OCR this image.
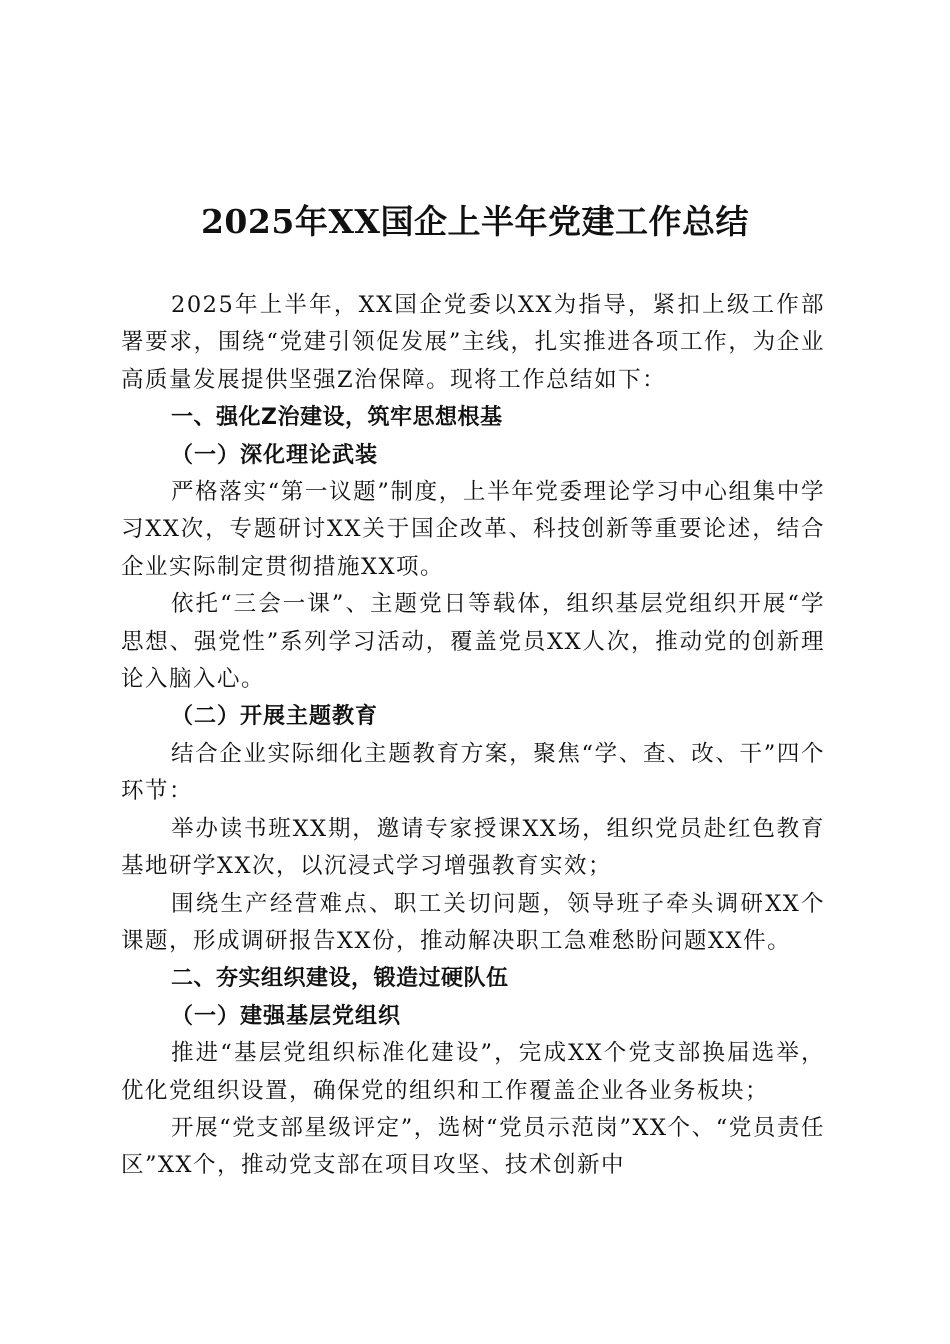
2025年XX国企上半年党建工作总结

2025年上半年，XX国企党委以XX为指导，紧扣上级工作部署要求，围绕“党建引领促发展”主线，扎实推进各项工作，为企业高质量发展提供坚强Z治保障。现将工作总结如下：

一、强化Z治建设，筑牢思想根基
（一）深化理论武装

严格落实“第一议题”制度，上半年党委理论学习中心组集中学习XX次，专题研讨XX关于国企改革、科技创新等重要论述，结合企业实际制定贯彻措施XX项。

依托“三会一课”、主题党日等载体，组织基层党组织开展“学思想、强党性”系列学习活动，覆盖党员XX人次，推动党的创新理论入脑入心。

（二）开展主题教育

结合企业实际细化主题教育方案，聚焦“学、查、改、干”四个环节：

举办读书班XX期，邀请专家授课XX场，组织党员赴红色教育基地研学XX次，以沉浸式学习增强教育实效；

围绕生产经营难点、职工关切问题，领导班子牵头调研XX个课题，形成调研报告XX份，推动解决职工急难愁盼问题XX件。

二、夯实组织建设，锻造过硬队伍
（一）建强基层党组织

推进“基层党组织标准化建设”，完成XX个党支部换届选举，优化党组织设置，确保党的组织和工作覆盖企业各业务板块；

开展“党支部星级评定”，选树“党员示范岗”XX个、“党员责任区”XX个，推动党支部在项目攻坚、技术创新中
